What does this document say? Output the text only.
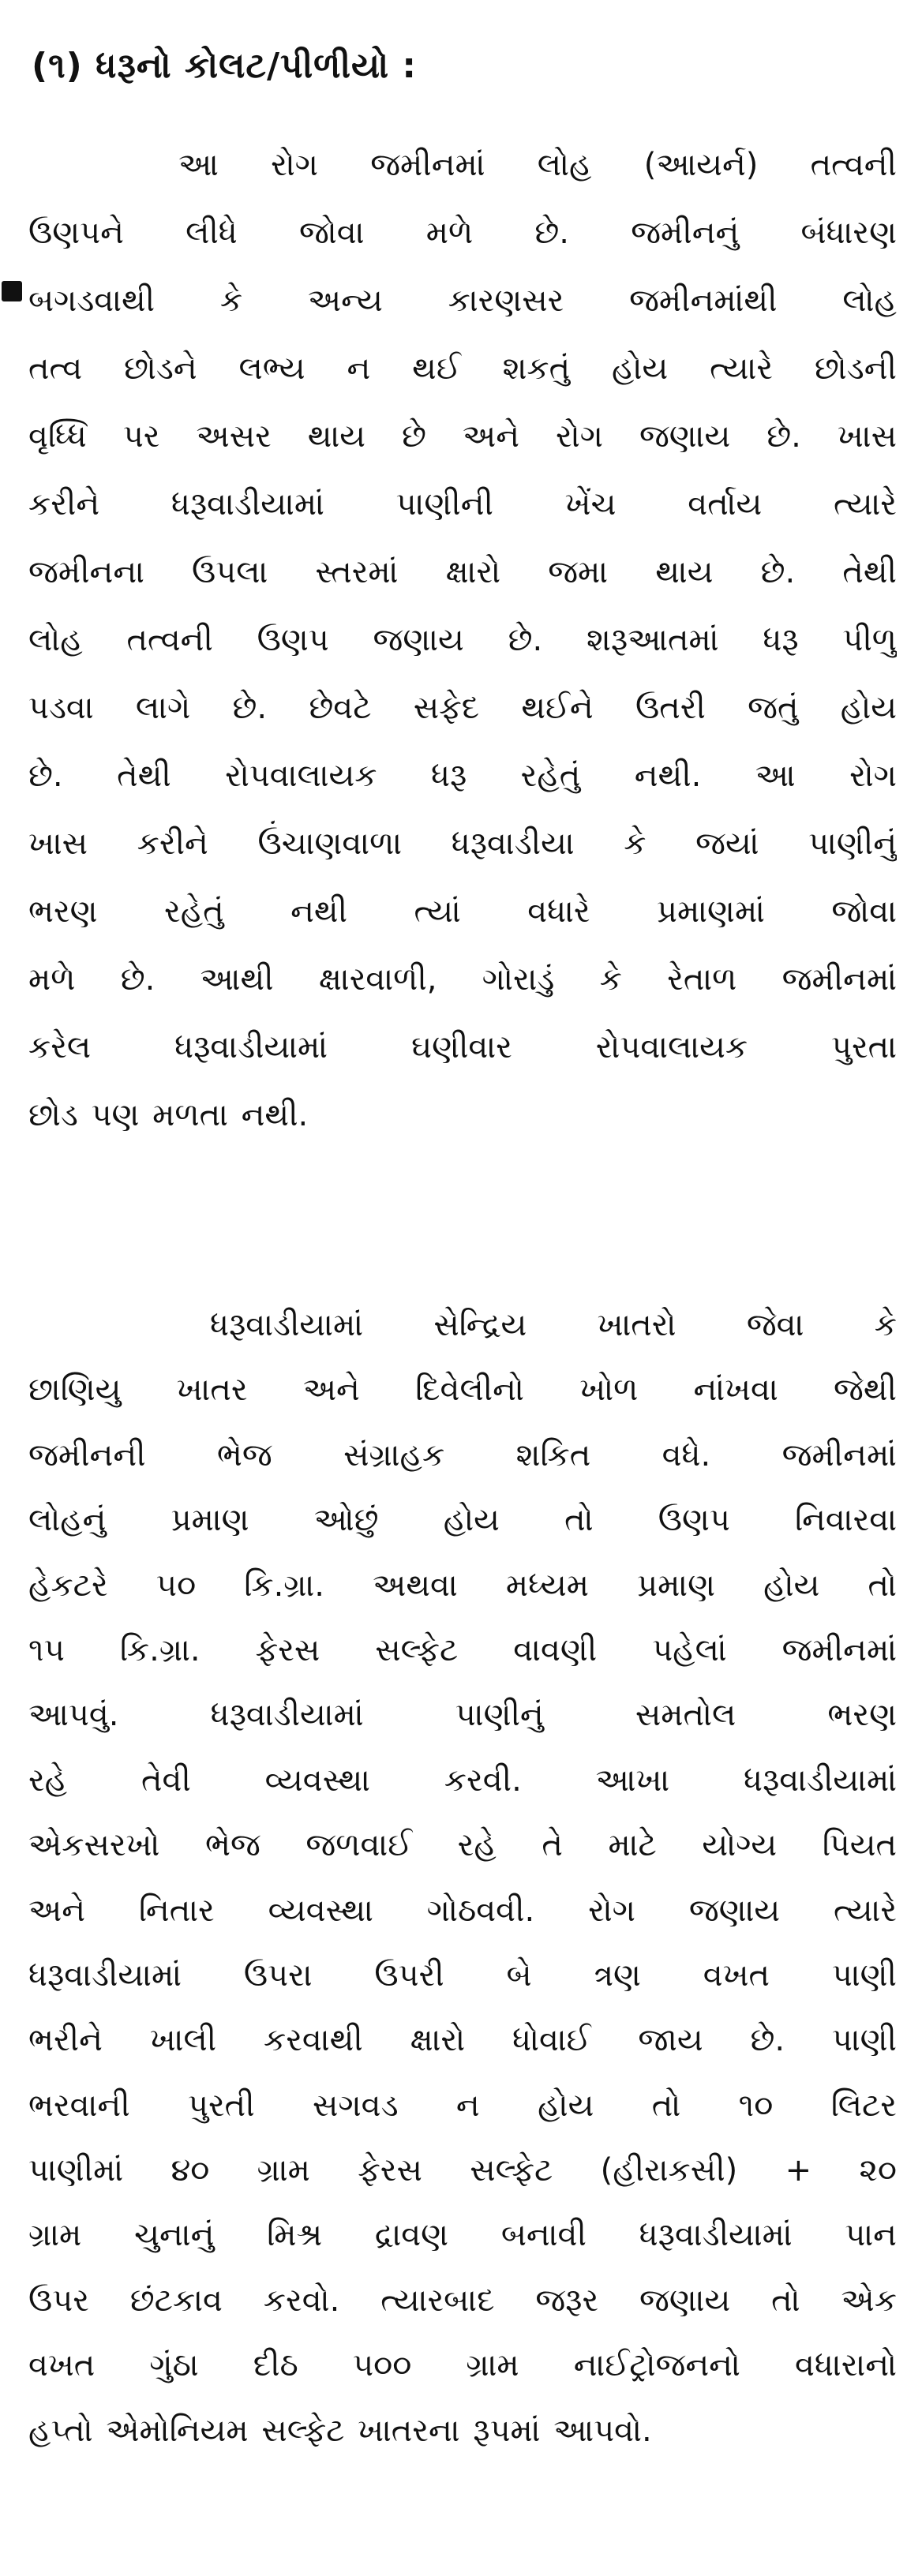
(૧) ધરૂનો કોલટ/પીળીયો :
આ રોગ જમીનમાં લોહ (આયર્ન) તત્વની
ઉણપને લીધે જોવા મળે છે. જમીનનું બંધારણ
બગડવાથી કે અન્ય કારણસર જમીનમાંથી લોહ
તત્વ છોડને લભ્ય ન થઈ શકતું હોય ત્યારે છોડની
વૃધ્ધિ પર અસર થાય છે અને રોગ જણાય છે. ખાસ
કરીને ધરૂવાડીયામાં પાણીની ખેંચ વર્તાય ત્યારે
જમીનના ઉપલા સ્તરમાં ક્ષારો જમા થાય છે. તેથી
લોહ તત્વની ઉણપ જણાય છે. શરૂઆતમાં ધરૂ પીળુ
પડવા લાગે છે. છેવટે સફેદ થઈને ઉતરી જતું હોય
છે. તેથી રોપવાલાયક ધરૂ રહેતું નથી. આ રોગ
ખાસ કરીને ઉંચાણવાળા ધરૂવાડીયા કે જયાં પાણીનું
ભરણ રહેતું નથી ત્યાં વધારે પ્રમાણમાં જોવા
મળે છે. આથી ક્ષારવાળી, ગોરાડું કે રેતાળ જમીનમાં
કરેલ ધરૂવાડીયામાં ઘણીવાર રોપવાલાયક પુરતા
છોડ પણ મળતા નથી.
ધરૂવાડીયામાં સેન્દ્રિય ખાતરો જેવા કે
છાણિયુ ખાતર અને દિવેલીનો ખોળ નાંખવા જેથી
જમીનની ભેજ સંગ્રાહક શકિત વધે. જમીનમાં
લોહનું પ્રમાણ ઓછું હોય તો ઉણપ નિવારવા
હેકટરે ૫૦ કિ.ગ્રા. અથવા મધ્યમ પ્રમાણ હોય તો
૧૫ કિ.ગ્રા. ફેરસ સલ્ફેટ વાવણી પહેલાં જમીનમાં
આપવું. ધરૂવાડીયામાં પાણીનું સમતોલ ભરણ
રહે તેવી વ્યવસ્થા કરવી. આખા ધરૂવાડીયામાં
એકસરખો ભેજ જળવાઈ રહે તે માટે યોગ્ય પિયત
અને નિતાર વ્યવસ્થા ગોઠવવી. રોગ જણાય ત્યારે
ધરૂવાડીયામાં ઉપરા ઉપરી બે ત્રણ વખત પાણી
ભરીને ખાલી કરવાથી ક્ષારો ધોવાઈ જાય છે. પાણી
ભરવાની પુરતી સગવડ ન હોય તો ૧૦ લિટર
પાણીમાં ૪૦ ગ્રામ ફેરસ સલ્ફેટ (હીરાકસી) + ૨૦
ગ્રામ ચુનાનું મિશ્ર દ્રાવણ બનાવી ધરૂવાડીયામાં પાન
ઉપર છંટકાવ કરવો. ત્યારબાદ જરૂર જણાય તો એક
વખત ગુંઠા દીઠ ૫૦૦ ગ્રામ નાઈટ્રોજનનો વધારાનો
હપ્તો એમોનિયમ સલ્ફેટ ખાતરના રૂપમાં આપવો.
